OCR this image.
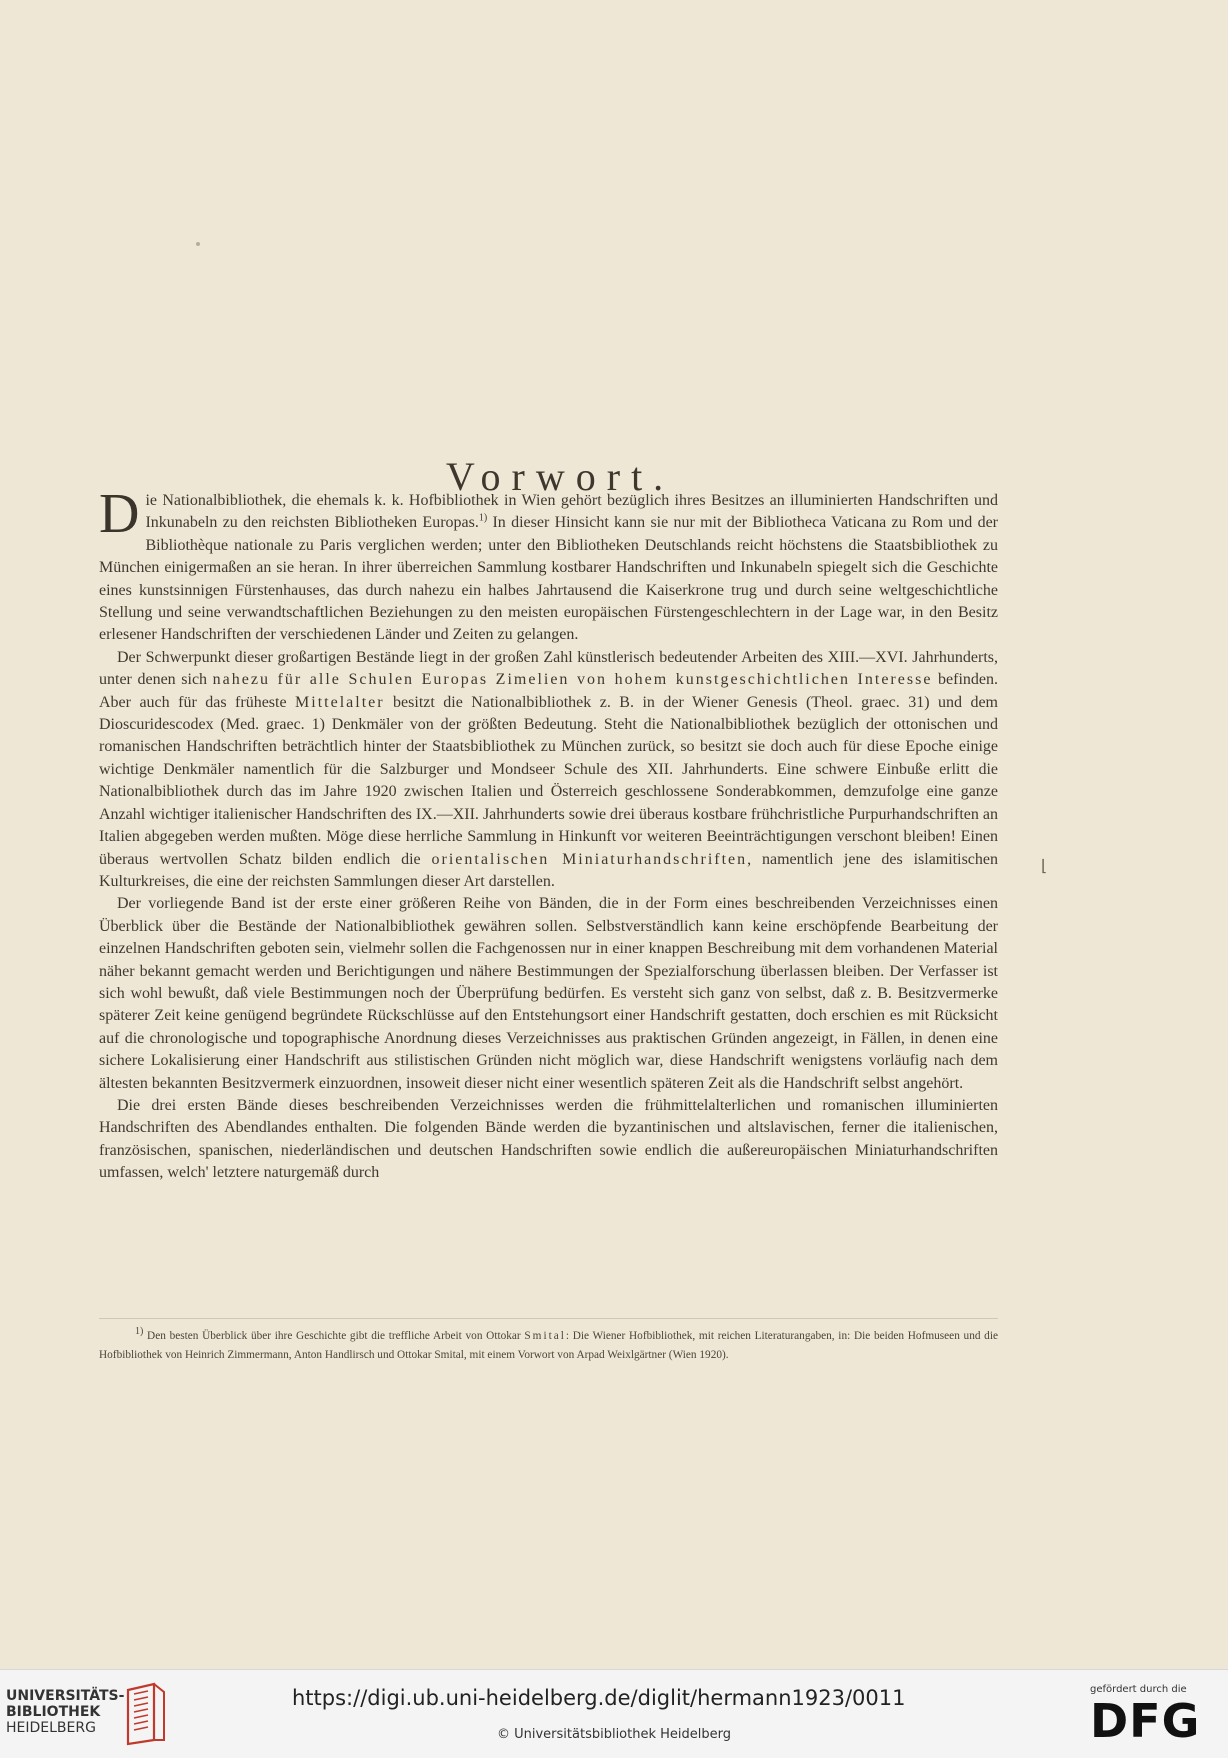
Vorwort.

Die Nationalbibliothek, die ehemals k. k. Hofbibliothek in Wien gehört bezüglich ihres Besitzes an illuminierten Handschriften und Inkunabeln zu den reichsten Bibliotheken Europas.$^{1)}$ In dieser Hinsicht kann sie nur mit der Bibliotheca Vaticana zu Rom und der Bibliothèque nationale zu Paris verglichen werden; unter den Bibliotheken Deutschlands reicht höchstens die Staatsbibliothek zu München einigermaßen an sie heran. In ihrer überreichen Sammlung kostbarer Handschriften und Inkunabeln spiegelt sich die Geschichte eines kunstsinnigen Fürstenhauses, das durch nahezu ein halbes Jahrtausend die Kaiserkrone trug und durch seine weltgeschichtliche Stellung und seine verwandtschaftlichen Beziehungen zu den meisten europäischen Fürstengeschlechtern in der Lage war, in den Besitz erlesener Handschriften der verschiedenen Länder und Zeiten zu gelangen.

Der Schwerpunkt dieser großartigen Bestände liegt in der großen Zahl künstlerisch bedeutender Arbeiten des XIII.—XVI. Jahrhunderts, unter denen sich nahezu für alle Schulen Europas Zimelien von hohem kunstgeschichtlichen Interesse befinden. Aber auch für das früheste Mittelalter besitzt die Nationalbibliothek z. B. in der Wiener Genesis (Theol. graec. 31) und dem Dioscuridescodex (Med. graec. 1) Denkmäler von der größten Bedeutung. Steht die Nationalbibliothek bezüglich der ottonischen und romanischen Handschriften beträchtlich hinter der Staatsbibliothek zu München zurück, so besitzt sie doch auch für diese Epoche einige wichtige Denkmäler namentlich für die Salzburger und Mondseer Schule des XII. Jahrhunderts. Eine schwere Einbuße erlitt die Nationalbibliothek durch das im Jahre 1920 zwischen Italien und Österreich geschlossene Sonderabkommen, demzufolge eine ganze Anzahl wichtiger italienischer Handschriften des IX.—XII. Jahrhunderts sowie drei überaus kostbare frühchristliche Purpurhandschriften an Italien abgegeben werden mußten. Möge diese herrliche Sammlung in Hinkunft vor weiteren Beeinträchtigungen verschont bleiben! Einen überaus wertvollen Schatz bilden endlich die orientalischen Miniaturhandschriften, namentlich jene des islamitischen Kulturkreises, die eine der reichsten Sammlungen dieser Art darstellen.

Der vorliegende Band ist der erste einer größeren Reihe von Bänden, die in der Form eines beschreibenden Verzeichnisses einen Überblick über die Bestände der Nationalbibliothek gewähren sollen. Selbstverständlich kann keine erschöpfende Bearbeitung der einzelnen Handschriften geboten sein, vielmehr sollen die Fachgenossen nur in einer knappen Beschreibung mit dem vorhandenen Material näher bekannt gemacht werden und Berichtigungen und nähere Bestimmungen der Spezialforschung überlassen bleiben. Der Verfasser ist sich wohl bewußt, daß viele Bestimmungen noch der Überprüfung bedürfen. Es versteht sich ganz von selbst, daß z. B. Besitzvermerke späterer Zeit keine genügend begründete Rückschlüsse auf den Entstehungsort einer Handschrift gestatten, doch erschien es mit Rücksicht auf die chronologische und topographische Anordnung dieses Verzeichnisses aus praktischen Gründen angezeigt, in Fällen, in denen eine sichere Lokalisierung einer Handschrift aus stilistischen Gründen nicht möglich war, diese Handschrift wenigstens vorläufig nach dem ältesten bekannten Besitzvermerk einzuordnen, insoweit dieser nicht einer wesentlich späteren Zeit als die Handschrift selbst angehört.

Die drei ersten Bände dieses beschreibenden Verzeichnisses werden die frühmittelalterlichen und romanischen illuminierten Handschriften des Abendlandes enthalten. Die folgenden Bände werden die byzantinischen und altslavischen, ferner die italienischen, französischen, spanischen, niederländischen und deutschen Handschriften sowie endlich die außereuropäischen Miniaturhandschriften umfassen, welch' letztere naturgemäß durch

⌊
$^{1)}$ Den besten Überblick über ihre Geschichte gibt die treffliche Arbeit von Ottokar Smital: Die Wiener Hofbibliothek, mit reichen Literaturangaben, in: Die beiden Hofmuseen und die Hofbibliothek von Heinrich Zimmermann, Anton Handlirsch und Ottokar Smital, mit einem Vorwort von Arpad Weixlgärtner (Wien 1920).
UNIVERSITÄTS-
BIBLIOTHEK
HEIDELBERG
https://digi.ub.uni-heidelberg.de/diglit/hermann1923/0011
© Universitätsbibliothek Heidelberg
gefördert durch die
DFG
